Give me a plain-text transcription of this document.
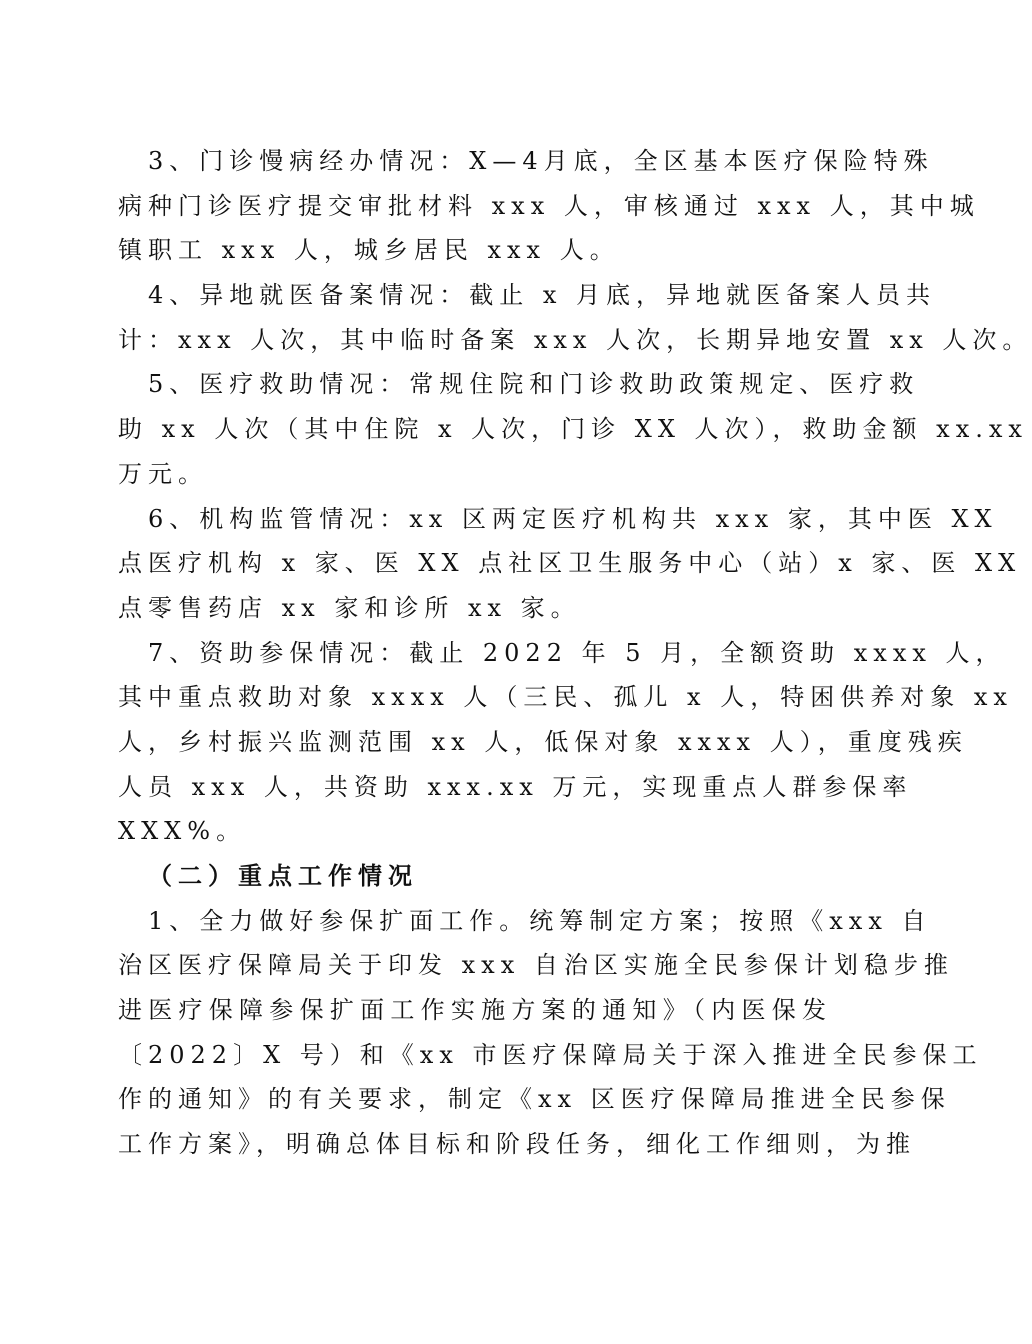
3、门诊慢病经办情况：X—4月底，全区基本医疗保险特殊
病种门诊医疗提交审批材料 xxx 人，审核通过 xxx 人，其中城
镇职工 xxx 人，城乡居民 xxx 人。
4、异地就医备案情况：截止 x 月底，异地就医备案人员共
计：xxx 人次，其中临时备案 xxx 人次，长期异地安置 xx 人次。
5、医疗救助情况：常规住院和门诊救助政策规定、医疗救
助 xx 人次（其中住院 x 人次，门诊 XX 人次），救助金额 xx.xx
万元。
6、机构监管情况：xx 区两定医疗机构共 xxx 家，其中医 XX
点医疗机构 x 家、医 XX 点社区卫生服务中心（站）x 家、医 XX
点零售药店 xx 家和诊所 xx 家。
7、资助参保情况：截止 2022 年 5 月，全额资助 xxxx 人，
其中重点救助对象 xxxx 人（三民、孤儿 x 人，特困供养对象 xx
人，乡村振兴监测范围 xx 人，低保对象 xxxx 人），重度残疾
人员 xxx 人，共资助 xxx.xx 万元，实现重点人群参保率
XXX%。
（二）重点工作情况
1、全力做好参保扩面工作。统筹制定方案；按照《xxx 自
治区医疗保障局关于印发 xxx 自治区实施全民参保计划稳步推
进医疗保障参保扩面工作实施方案的通知》（内医保发
〔2022〕X 号）和《xx 市医疗保障局关于深入推进全民参保工
作的通知》的有关要求，制定《xx 区医疗保障局推进全民参保
工作方案》，明确总体目标和阶段任务，细化工作细则，为推
